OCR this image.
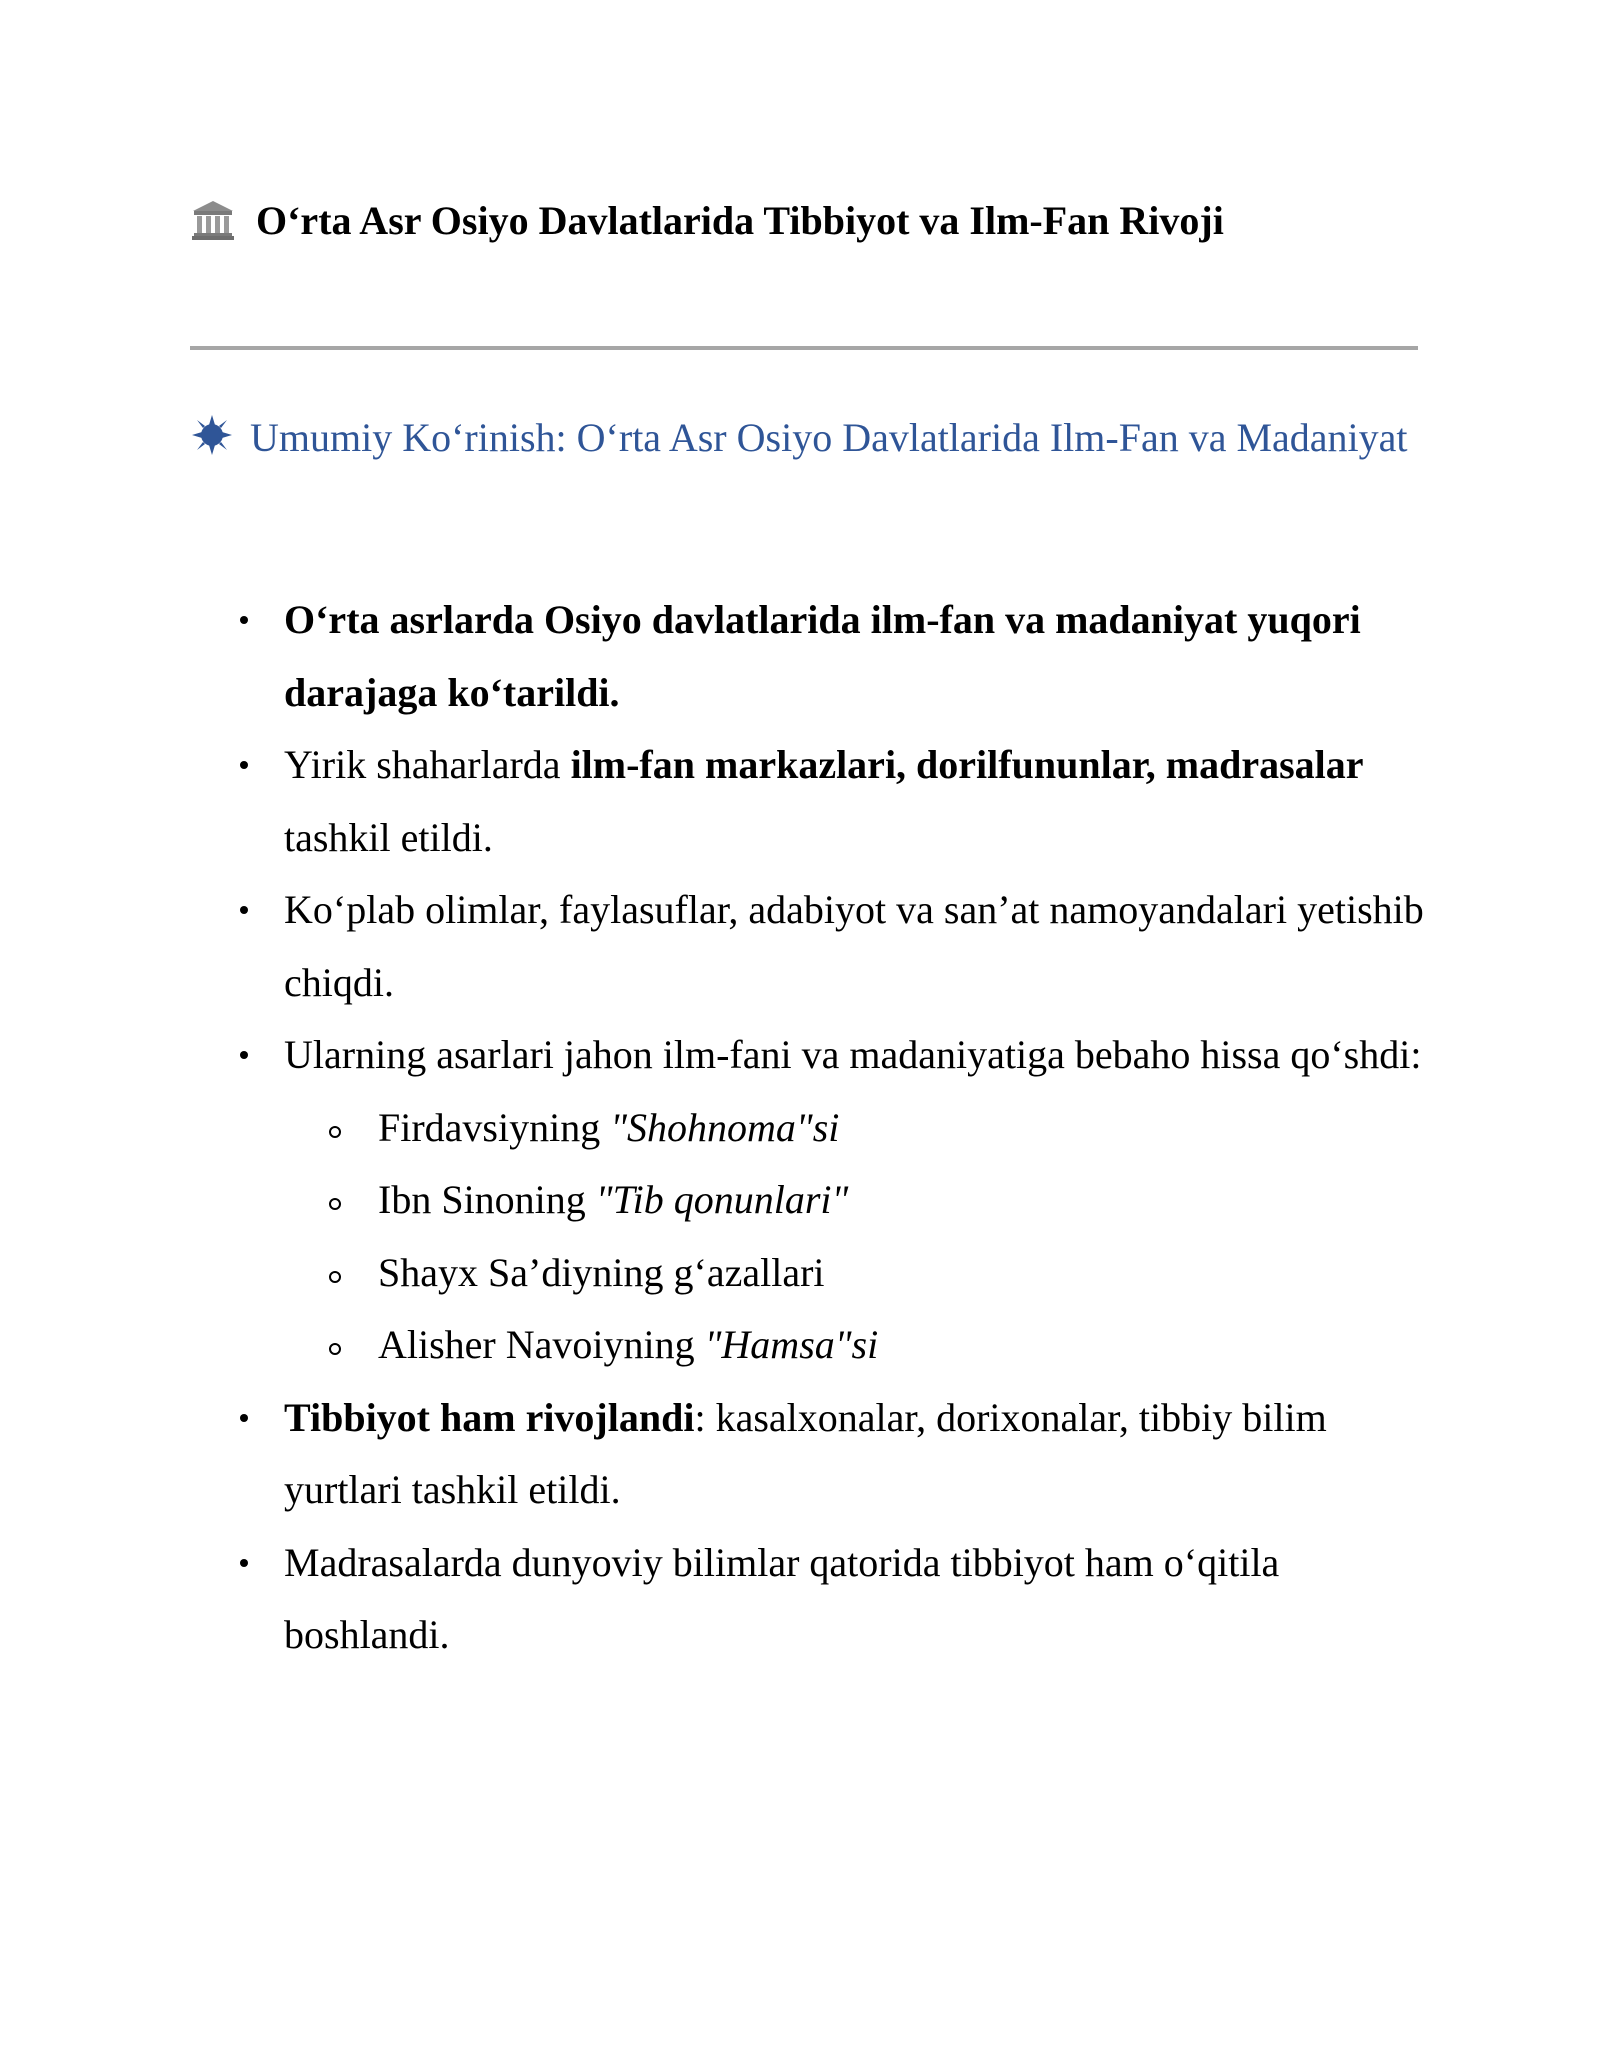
O‘rta Asr Osiyo Davlatlarida Tibbiyot va Ilm-Fan Rivoji
Umumiy Ko‘rinish: O‘rta Asr Osiyo Davlatlarida Ilm-Fan va Madaniyat
O‘rta asrlarda Osiyo davlatlarida ilm-fan va madaniyat yuqori darajaga ko‘tarildi.
Yirik shaharlarda ilm-fan markazlari, dorilfununlar, madrasalar tashkil etildi.
Ko‘plab olimlar, faylasuflar, adabiyot va san’at namoyandalari yetishib chiqdi.
Ularning asarlari jahon ilm-fani va madaniyatiga bebaho hissa qo‘shdi:
Firdavsiyning "Shohnoma"si
Ibn Sinoning "Tib qonunlari"
Shayx Sa’diyning g‘azallari
Alisher Navoiyning "Hamsa"si
Tibbiyot ham rivojlandi: kasalxonalar, dorixonalar, tibbiy bilim yurtlari tashkil etildi.
Madrasalarda dunyoviy bilimlar qatorida tibbiyot ham o‘qitila boshlandi.
